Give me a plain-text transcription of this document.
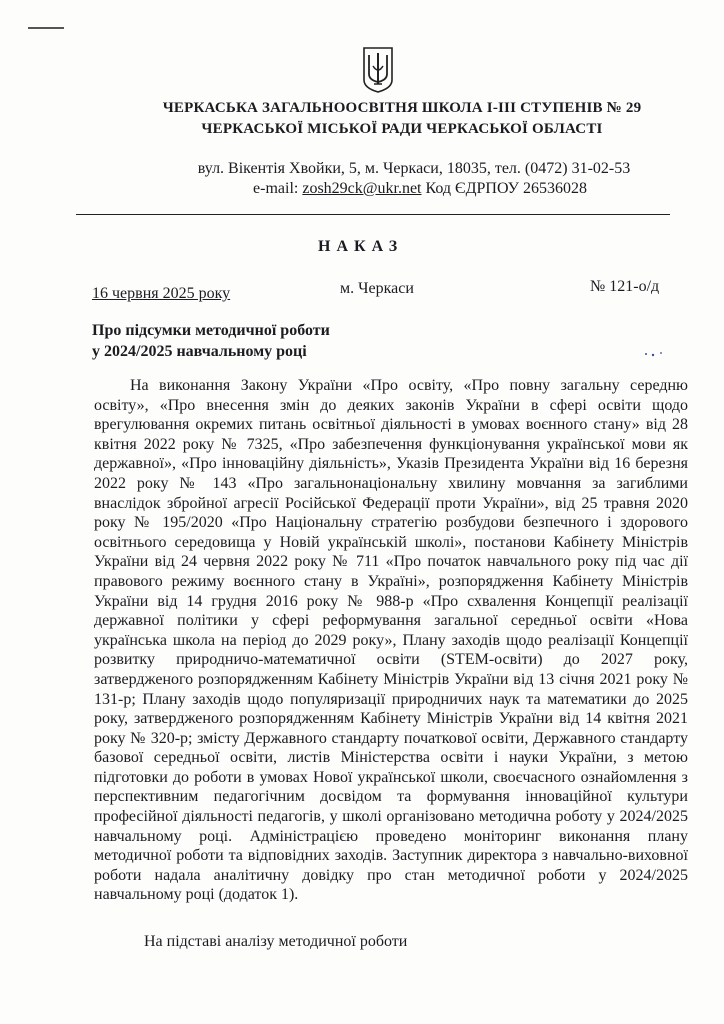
ЧЕРКАСЬКА ЗАГАЛЬНООСВІТНЯ ШКОЛА І-ІІІ СТУПЕНІВ № 29
ЧЕРКАСЬКОЇ МІСЬКОЇ РАДИ ЧЕРКАСЬКОЇ ОБЛАСТІ
вул. Вікентія Хвойки, 5, м. Черкаси, 18035, тел. (0472) 31-02-53
e-mail: zosh29ck@ukr.net Код ЄДРПОУ 26536028
НАКАЗ
16 червня 2025 року	м. Черкаси	№ 121-о/д
Про підсумки методичної роботи
у 2024/2025 навчальному році

На виконання Закону України «Про освіту, «Про повну загальну середню освіту», «Про внесення змін до деяких законів України в сфері освіти щодо врегулювання окремих питань освітньої діяльності в умовах воєнного стану» від 28 квітня 2022 року № 7325, «Про забезпечення функціонування української мови як державної», «Про інноваційну діяльність», Указів Президента України від 16 березня 2022 року № 143 «Про загальнонаціональну хвилину мовчання за загиблими внаслідок збройної агресії Російської Федерації проти України», від 25 травня 2020 року № 195/2020 «Про Національну стратегію розбудови безпечного і здорового освітнього середовища у Новій українській школі», постанови Кабінету Міністрів України від 24 червня 2022 року № 711 «Про початок навчального року під час дії правового режиму воєнного стану в Україні», розпорядження Кабінету Міністрів України від 14 грудня 2016 року № 988-р «Про схвалення Концепції реалізації державної політики у сфері реформування загальної середньої освіти «Нова українська школа на період до 2029 року», Плану заходів щодо реалізації Концепції розвитку природничо-математичної освіти (STEM-освіти) до 2027 року, затвердженого розпорядженням Кабінету Міністрів України від 13 січня 2021 року № 131-р; Плану заходів щодо популяризації природничих наук та математики до 2025 року, затвердженого розпорядженням Кабінету Міністрів України від 14 квітня 2021 року № 320-р; змісту Державного стандарту початкової освіти, Державного стандарту базової середньої освіти, листів Міністерства освіти і науки України, з метою підготовки до роботи в умовах Нової української школи, своєчасного ознайомлення з перспективним педагогічним досвідом та формування інноваційної культури професійної діяльності педагогів, у школі організовано методична роботу у 2024/2025 навчальному році. Адміністрацією проведено моніторинг виконання плану методичної роботи та відповідних заходів. Заступник директора з навчально-виховної роботи надала аналітичну довідку про стан методичної роботи у 2024/2025 навчальному році (додаток 1).

На підставі аналізу методичної роботи
